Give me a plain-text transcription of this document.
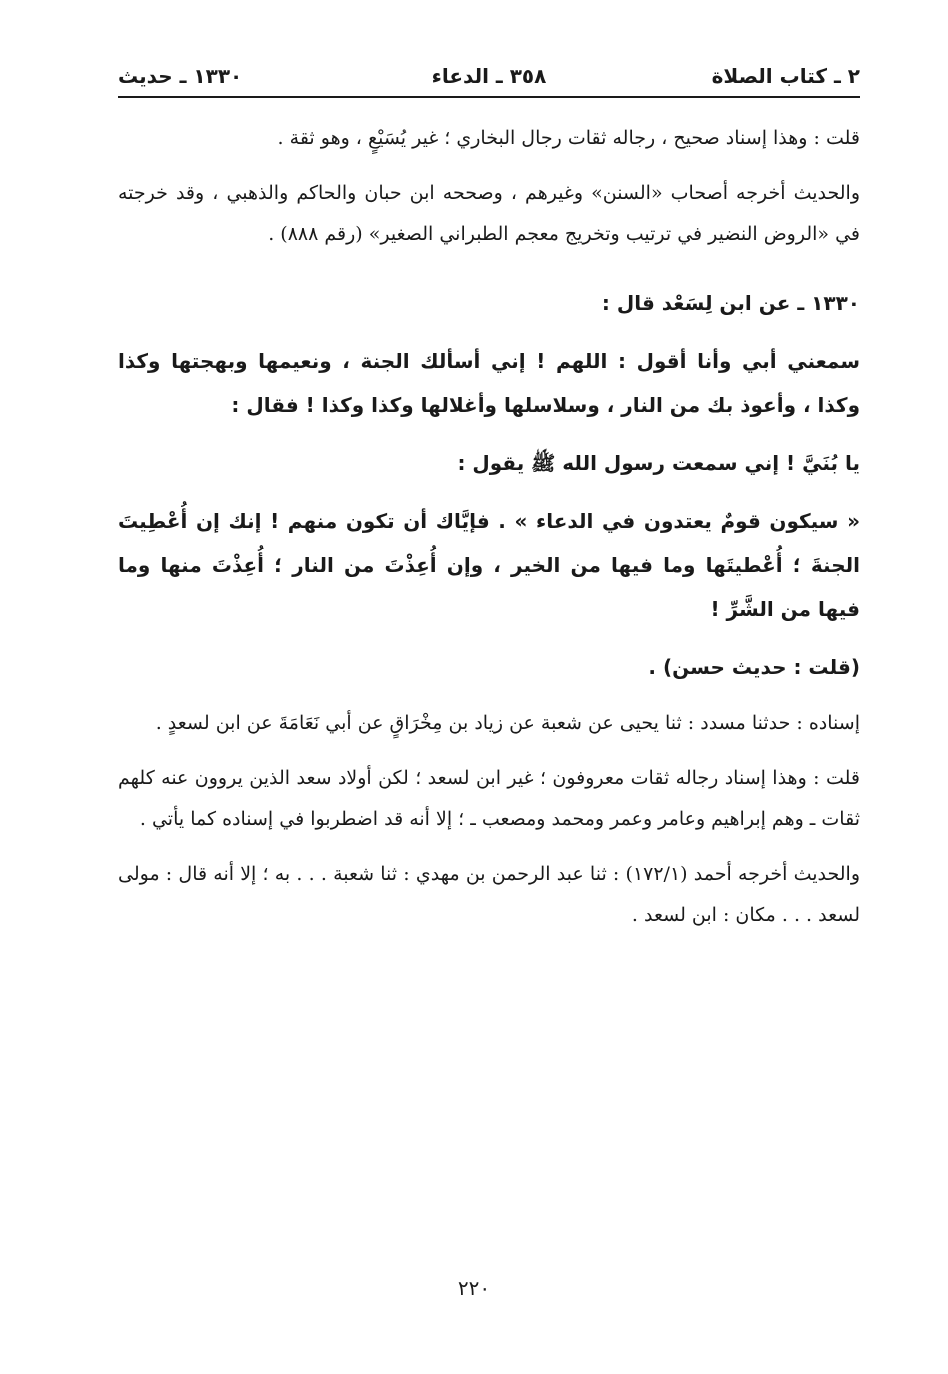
٢ ـ كتاب الصلاة
٣٥٨ ـ الدعاء
١٣٣٠ ـ حديث

قلت : وهذا إسناد صحيح ، رجاله ثقات رجال البخاري ؛ غير يُسَيْعٍ ، وهو ثقة .

والحديث أخرجه أصحاب «السنن» وغيرهم ، وصححه ابن حبان والحاكم والذهبي ، وقد خرجته في «الروض النضير في ترتيب وتخريج معجم الطبراني الصغير» (رقم ٨٨٨) .

١٣٣٠ ـ عن ابن لِسَعْد قال :

سمعني أبي وأنا أقول : اللهم ! إني أسألك الجنة ، ونعيمها وبهجتها وكذا وكذا ، وأعوذ بك من النار ، وسلاسلها وأغلالها وكذا وكذا ! فقال :

يا بُنَيَّ ! إني سمعت رسول الله ﷺ يقول :

« سيكون قومٌ يعتدون في الدعاء » . فإيَّاك أن تكون منهم ! إنك إن أُعْطِيتَ الجنةَ ؛ أُعْطيتَها وما فيها من الخير ، وإن أُعِذْتَ من النار ؛ أُعِذْتَ منها وما فيها من الشَّرِّ !

(قلت : حديث حسن) .

إسناده : حدثنا مسدد : ثنا يحيى عن شعبة عن زياد بن مِخْرَاقٍ عن أبي نَعَامَةَ عن ابن لسعدٍ .

قلت : وهذا إسناد رجاله ثقات معروفون ؛ غير ابن لسعد ؛ لكن أولاد سعد الذين يروون عنه كلهم ثقات ـ وهم إبراهيم وعامر وعمر ومحمد ومصعب ـ ؛ إلا أنه قد اضطربوا في إسناده كما يأتي .

والحديث أخرجه أحمد (١٧٢/١) : ثنا عبد الرحمن بن مهدي : ثنا شعبة . . . به ؛ إلا أنه قال : مولى لسعد . . . مكان : ابن لسعد .

٢٢٠
